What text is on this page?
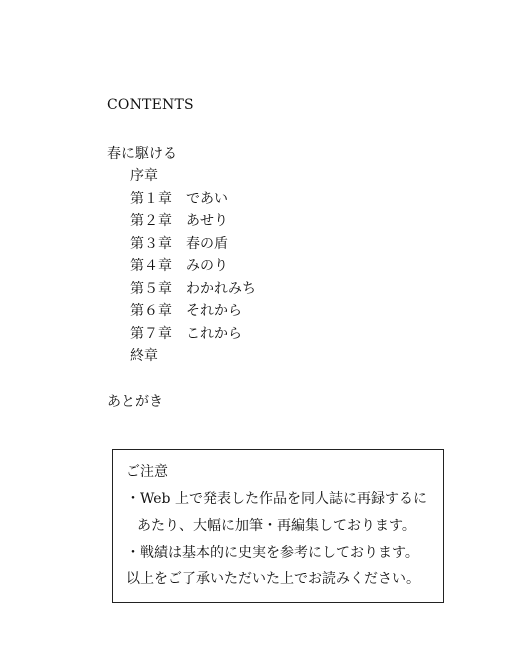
CONTENTS
春に駆ける
序章
第１章 であい
第２章 あせり
第３章 春の盾
第４章 みのり
第５章 わかれみち
第６章 それから
第７章 これから
終章
あとがき
ご注意
・Web 上で発表した作品を同人誌に再録するに
あたり、大幅に加筆・再編集しております。
・戦績は基本的に史実を参考にしております。
以上をご了承いただいた上でお読みください。
